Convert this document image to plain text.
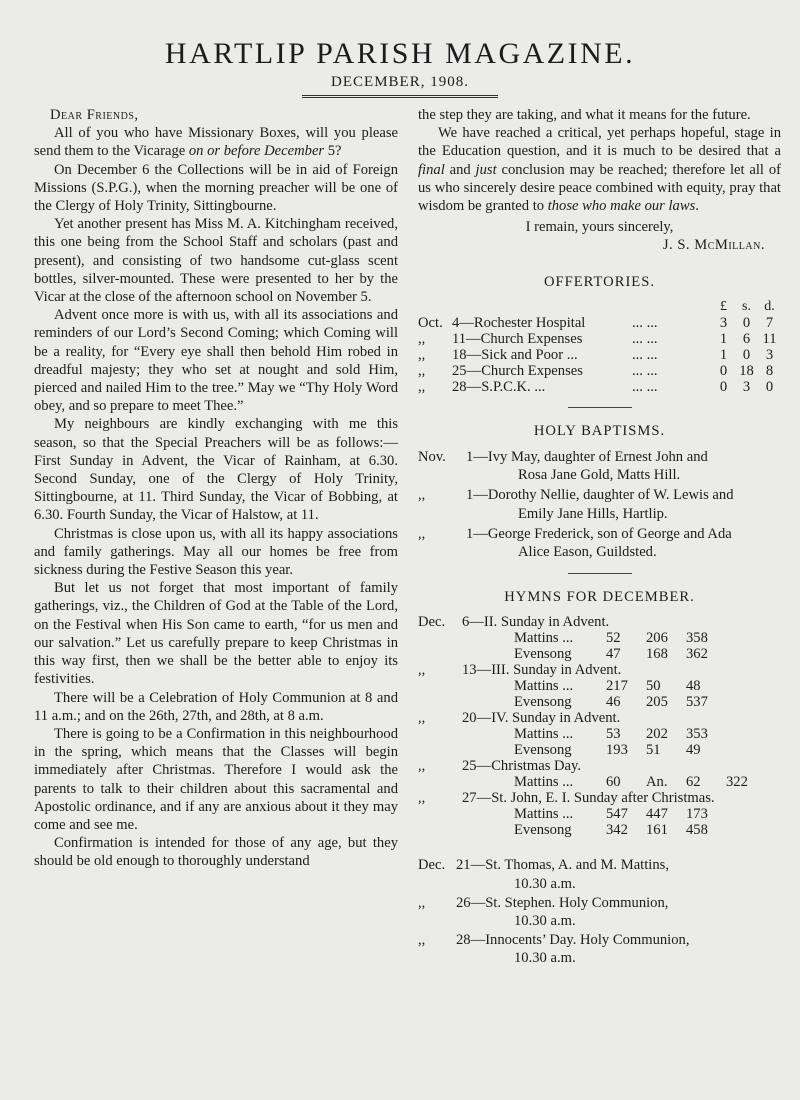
HARTLIP PARISH MAGAZINE.
DECEMBER, 1908.

Dear Friends,

All of you who have Missionary Boxes, will you please send them to the Vicarage on or before December 5?

On December 6 the Collections will be in aid of Foreign Missions (S.P.G.), when the morning preacher will be one of the Clergy of Holy Trinity, Sittingbourne.

Yet another present has Miss M. A. Kitchingham received, this one being from the School Staff and scholars (past and present), and consisting of two handsome cut-glass scent bottles, silver-mounted. These were presented to her by the Vicar at the close of the afternoon school on November 5.

Advent once more is with us, with all its associations and reminders of our Lord’s Second Coming; which Coming will be a reality, for “Every eye shall then behold Him robed in dreadful majesty; they who set at nought and sold Him, pierced and nailed Him to the tree.” May we “Thy Holy Word obey, and so prepare to meet Thee.”

My neighbours are kindly exchanging with me this season, so that the Special Preachers will be as follows:—First Sunday in Advent, the Vicar of Rainham, at 6.30. Second Sunday, one of the Clergy of Holy Trinity, Sittingbourne, at 11. Third Sunday, the Vicar of Bobbing, at 6.30. Fourth Sunday, the Vicar of Halstow, at 11.

Christmas is close upon us, with all its happy associations and family gatherings. May all our homes be free from sickness during the Festive Season this year.

But let us not forget that most important of family gatherings, viz., the Children of God at the Table of the Lord, on the Festival when His Son came to earth, “for us men and our salvation.” Let us carefully prepare to keep Christmas in this way first, then we shall be the better able to enjoy its festivities.

There will be a Celebration of Holy Communion at 8 and 11 a.m.; and on the 26th, 27th, and 28th, at 8 a.m.

There is going to be a Confirmation in this neighbourhood in the spring, which means that the Classes will begin immediately after Christmas. Therefore I would ask the parents to talk to their children about this sacramental and Apostolic ordinance, and if any are anxious about it they may come and see me.

Confirmation is intended for those of any age, but they should be old enough to thoroughly understand

the step they are taking, and what it means for the future.

We have reached a critical, yet perhaps hopeful, stage in the Education question, and it is much to be desired that a final and just conclusion may be reached; therefore let all of us who sincerely desire peace combined with equity, pray that wisdom be granted to those who make our laws.

I remain, yours sincerely,

J. S. McMillan.

OFFERTORIES.
			£	s.	d.
Oct.	4—Rochester Hospital	... ...	3	0	7
,,	11—Church Expenses	... ...	1	6	11
,,	18—Sick and Poor ...	... ...	1	0	3
,,	25—Church Expenses	... ...	0	18	8
,,	28—S.P.C.K. ...	... ...	0	3	0
HOLY BAPTISMS.
Nov.	1—Ivy May, daughter of Ernest John and
Rosa Jane Gold, Matts Hill.
,,	1—Dorothy Nellie, daughter of W. Lewis and
Emily Jane Hills, Hartlip.
,,	1—George Frederick, son of George and Ada
Alice Eason, Guildsted.
HYMNS FOR DECEMBER.
Dec.	6—II. Sunday in Advent.

Mattins ...	52	206	358

Evensong	47	168	362

,,	13—III. Sunday in Advent.

Mattins ...	217	50	48

Evensong	46	205	537

,,	20—IV. Sunday in Advent.

Mattins ...	53	202	353

Evensong	193	51	49

,,	25—Christmas Day.

Mattins ...	60	An.	62	322

,,	27—St. John, E. I. Sunday after Christmas.

Mattins ...	547	447	173

Evensong	342	161	458
Dec. 21—St. Thomas, A. and M. Mattins,
10.30 a.m.
,,	26—St. Stephen. Holy Communion,
10.30 a.m.
,,	28—Innocents’ Day. Holy Communion,
10.30 a.m.
